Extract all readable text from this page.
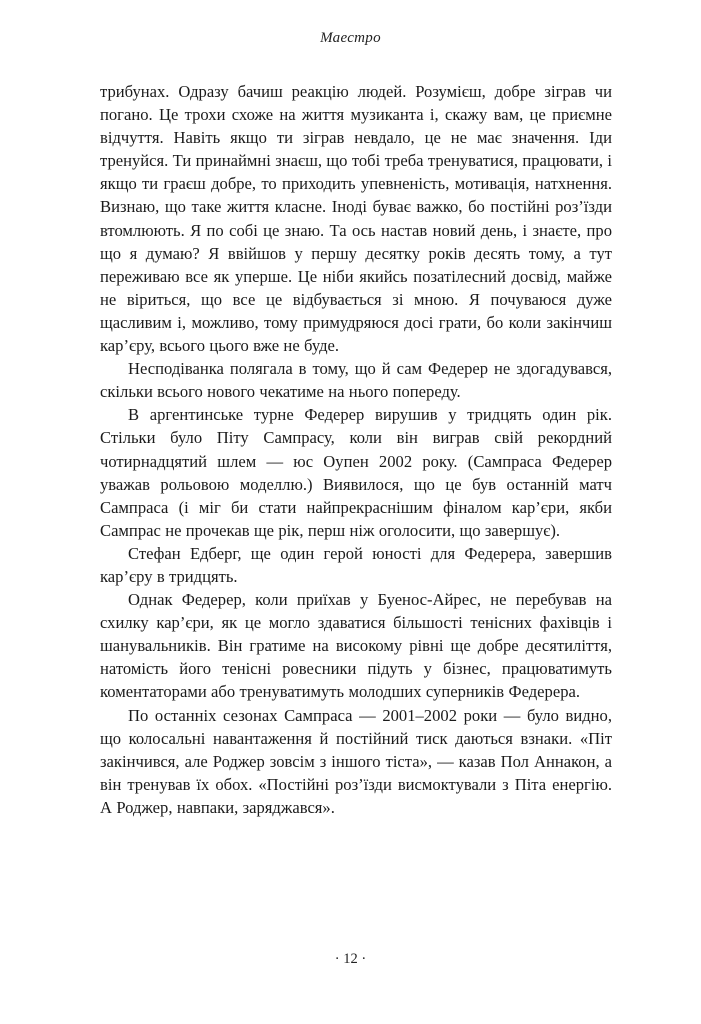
Маестро

трибунах. Одразу бачиш реакцію людей. Розумієш, добре зіграв чи погано. Це трохи схоже на життя музиканта і, скажу вам, це приємне відчуття. Навіть якщо ти зіграв невдало, це не має значення. Іди тренуйся. Ти принаймні знаєш, що тобі треба тренуватися, працювати, і якщо ти граєш добре, то приходить упевненість, мотивація, натхнення. Визнаю, що таке життя класне. Іноді буває важко, бо постійні роз’їзди втомлюють. Я по собі це знаю. Та ось настав новий день, і знаєте, про що я думаю? Я ввійшов у першу десятку років десять тому, а тут переживаю все як уперше. Це ніби якийсь позатілесний досвід, майже не віриться, що все це відбувається зі мною. Я почуваюся дуже щасливим і, можливо, тому примудряюся досі грати, бо коли закінчиш кар’єру, всього цього вже не буде.

Несподіванка полягала в тому, що й сам Федерер не здогадувався, скільки всього нового чекатиме на нього попереду.

В аргентинське турне Федерер вирушив у тридцять один рік. Стільки було Піту Сампрасу, коли він виграв свій рекордний чотирнадцятий шлем — юс Оупен 2002 року. (Сампраса Федерер уважав рольовою моделлю.) Виявилося, що це був останній матч Сампраса (і міг би стати найпрекраснішим фіналом кар’єри, якби Сампрас не прочекав ще рік, перш ніж оголосити, що завершує).

Стефан Едберг, ще один герой юності для Федерера, завершив кар’єру в тридцять.

Однак Федерер, коли приїхав у Буенос-Айрес, не перебував на схилку кар’єри, як це могло здаватися більшості тенісних фахівців і шанувальників. Він гратиме на високому рівні ще добре десятиліття, натомість його тенісні ровесники підуть у бізнес, працюватимуть коментаторами або тренуватимуть молодших суперників Федерера.

По останніх сезонах Сампраса — 2001–2002 роки — було видно, що колосальні навантаження й постійний тиск даються взнаки. «Піт закінчився, але Роджер зовсім з іншого тіста», — казав Пол Аннакон, а він тренував їх обох. «Постійні роз’їзди висмоктували з Піта енергію. А Роджер, навпаки, заряджався».

· 12 ·
